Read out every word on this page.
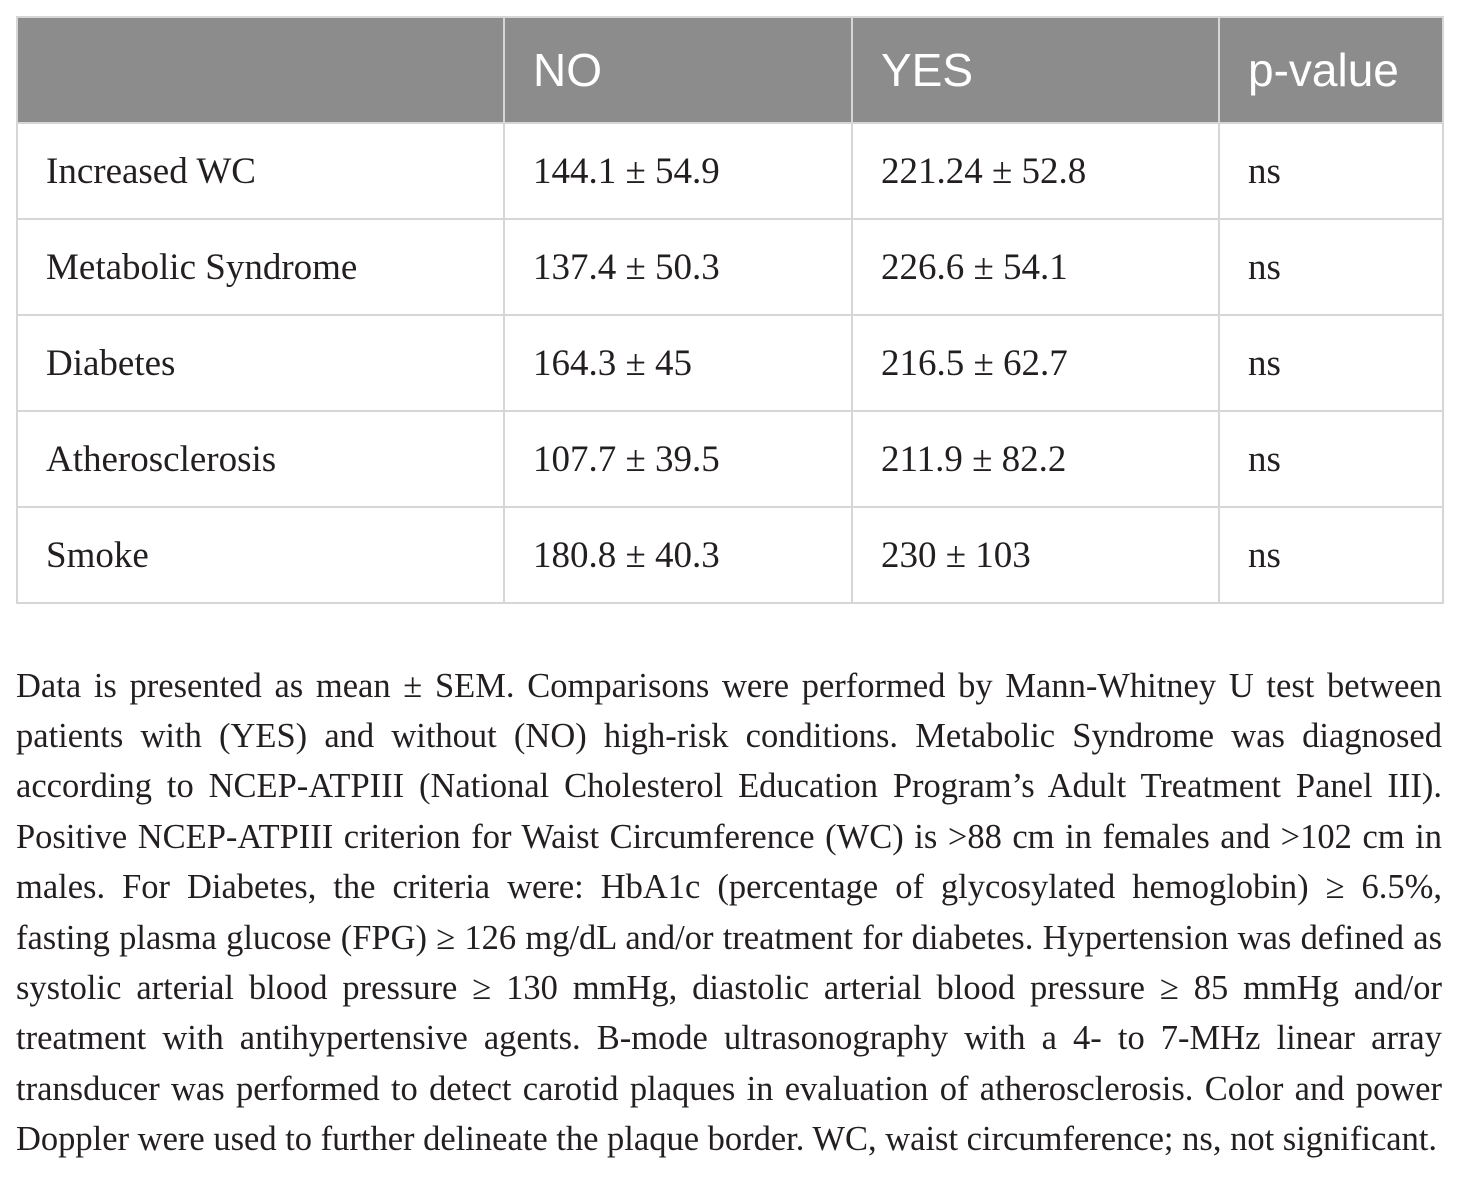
	NO	YES	p-value
Increased WC	144.1 ± 54.9	221.24 ± 52.8	ns
Metabolic Syndrome	137.4 ± 50.3	226.6 ± 54.1	ns
Diabetes	164.3 ± 45	216.5 ± 62.7	ns
Atherosclerosis	107.7 ± 39.5	211.9 ± 82.2	ns
Smoke	180.8 ± 40.3	230 ± 103	ns

Data is presented as mean ± SEM. Comparisons were performed by Mann-Whitney U test between patients with (YES) and without (NO) high-risk conditions. Metabolic Syndrome was diagnosed according to NCEP-ATPIII (National Cholesterol Education Program’s Adult Treatment Panel III). Positive NCEP-ATPIII criterion for Waist Circumference (WC) is >88 cm in females and >102 cm in males. For Diabetes, the criteria were: HbA1c (percentage of glycosylated hemoglobin) ≥ 6.5%, fasting plasma glucose (FPG) ≥ 126 mg/dL and/or treatment for diabetes. Hypertension was defined as systolic arterial blood pressure ≥ 130 mmHg, diastolic arterial blood pressure ≥ 85 mmHg and/or treatment with antihypertensive agents. B-mode ultrasonography with a 4- to 7-MHz linear array transducer was performed to detect carotid plaques in evaluation of atherosclerosis. Color and power Doppler were used to further delineate the plaque border. WC, waist circumference; ns, not significant.
